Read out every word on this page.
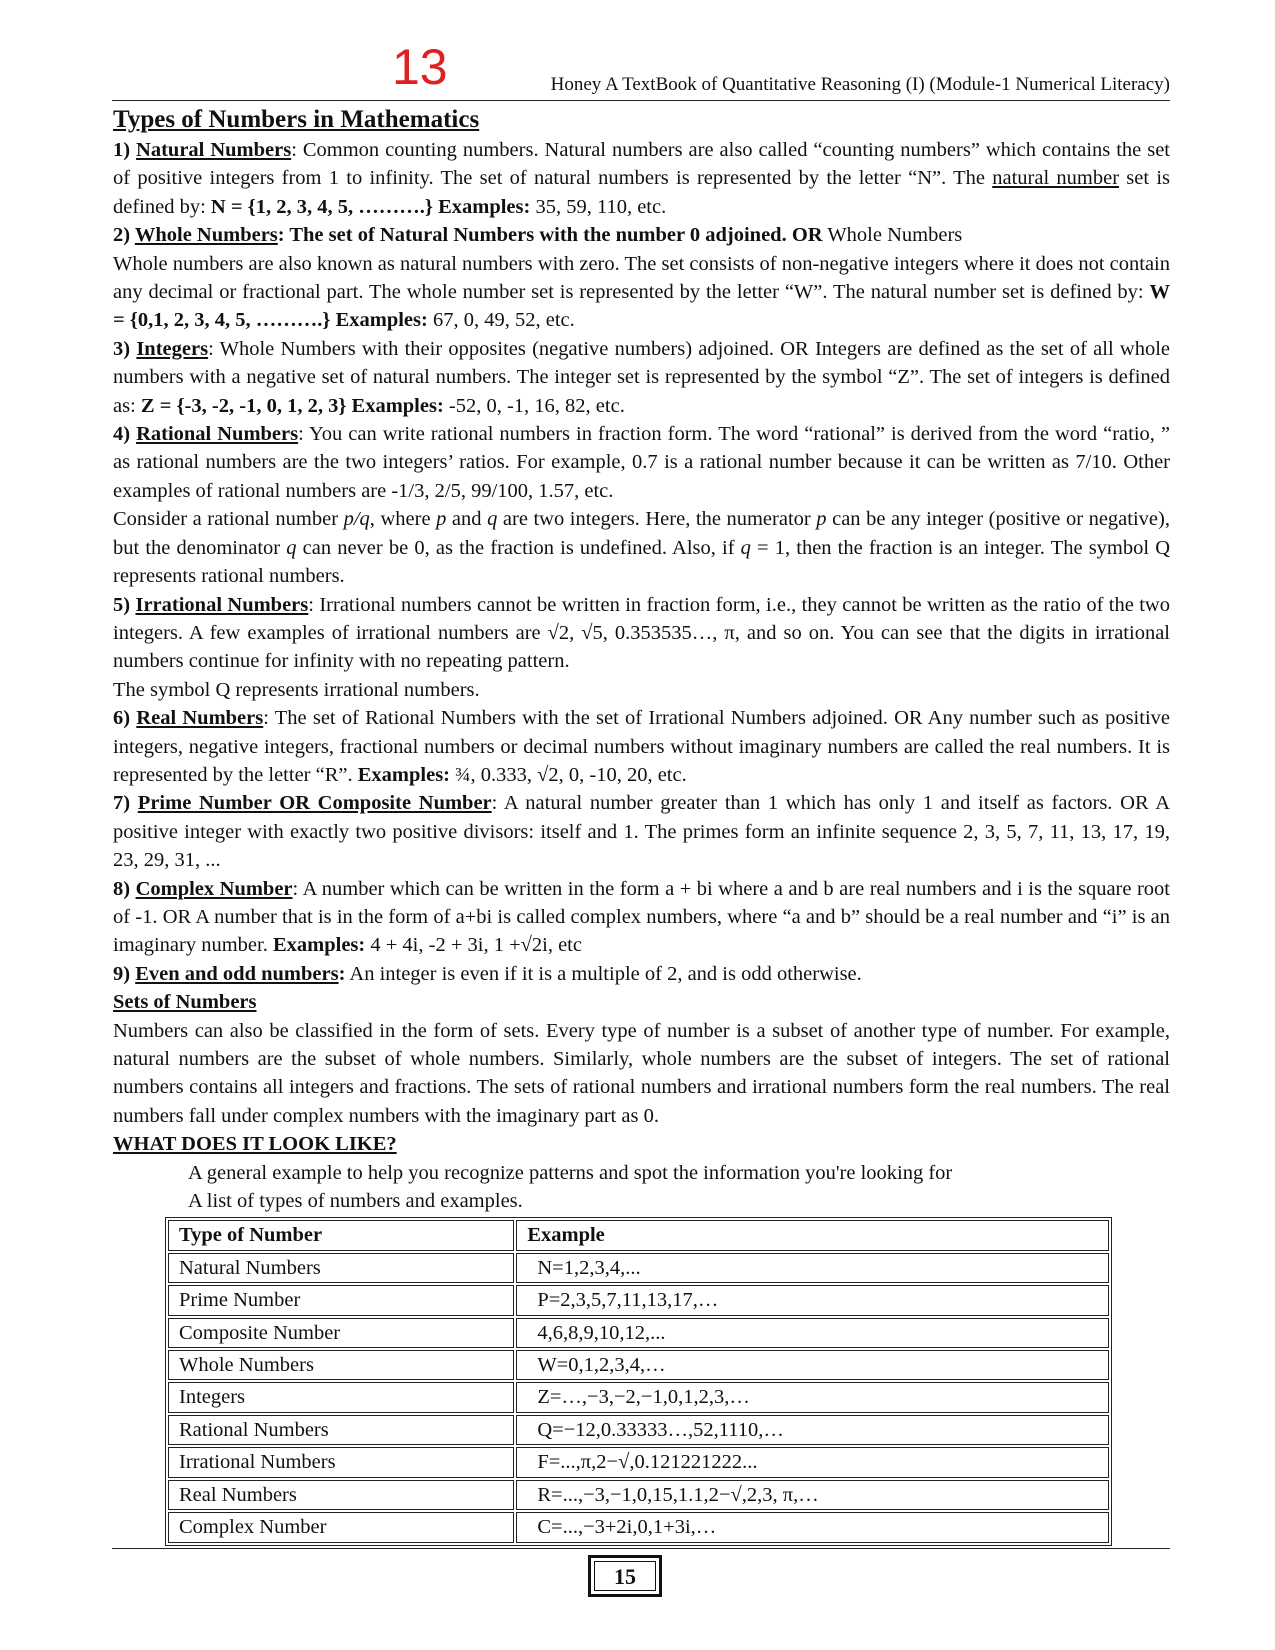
13	Honey A TextBook of Quantitative Reasoning (I) (Module-1 Numerical Literacy)

Types of Numbers in Mathematics

1) Natural Numbers: Common counting numbers. Natural numbers are also called “counting numbers” which contains the set of positive integers from 1 to infinity. The set of natural numbers is represented by the letter “N”. The natural number set is defined by: N = {1, 2, 3, 4, 5, ……….} Examples: 35, 59, 110, etc.

2) Whole Numbers: The set of Natural Numbers with the number 0 adjoined. OR Whole Numbers

Whole numbers are also known as natural numbers with zero. The set consists of non-negative integers where it does not contain any decimal or fractional part. The whole number set is represented by the letter “W”. The natural number set is defined by: W = {0,1, 2, 3, 4, 5, ……….} Examples: 67, 0, 49, 52, etc.

3) Integers: Whole Numbers with their opposites (negative numbers) adjoined. OR Integers are defined as the set of all whole numbers with a negative set of natural numbers. The integer set is represented by the symbol “Z”. The set of integers is defined as: Z = {-3, -2, -1, 0, 1, 2, 3} Examples: -52, 0, -1, 16, 82, etc.

4) Rational Numbers: You can write rational numbers in fraction form. The word “rational” is derived from the word “ratio, ” as rational numbers are the two integers’ ratios. For example, 0.7 is a rational number because it can be written as 7/10. Other examples of rational numbers are -1/3, 2/5, 99/100, 1.57, etc.

Consider a rational number p/q, where p and q are two integers. Here, the numerator p can be any integer (positive or negative), but the denominator q can never be 0, as the fraction is undefined. Also, if q = 1, then the fraction is an integer. The symbol Q represents rational numbers.

5) Irrational Numbers: Irrational numbers cannot be written in fraction form, i.e., they cannot be written as the ratio of the two integers. A few examples of irrational numbers are √2, √5, 0.353535…, π, and so on. You can see that the digits in irrational numbers continue for infinity with no repeating pattern.

The symbol Q represents irrational numbers.

6) Real Numbers: The set of Rational Numbers with the set of Irrational Numbers adjoined. OR Any number such as positive integers, negative integers, fractional numbers or decimal numbers without imaginary numbers are called the real numbers. It is represented by the letter “R”. Examples: ¾, 0.333, √2, 0, -10, 20, etc.

7) Prime Number OR Composite Number: A natural number greater than 1 which has only 1 and itself as factors. OR A positive integer with exactly two positive divisors: itself and 1. The primes form an infinite sequence 2, 3, 5, 7, 11, 13, 17, 19, 23, 29, 31, ...

8) Complex Number: A number which can be written in the form a + bi where a and b are real numbers and i is the square root of -1. OR A number that is in the form of a+bi is called complex numbers, where “a and b” should be a real number and “i” is an imaginary number. Examples: 4 + 4i, -2 + 3i, 1 +√2i, etc

9) Even and odd numbers: An integer is even if it is a multiple of 2, and is odd otherwise.

Sets of Numbers

Numbers can also be classified in the form of sets. Every type of number is a subset of another type of number. For example, natural numbers are the subset of whole numbers. Similarly, whole numbers are the subset of integers. The set of rational numbers contains all integers and fractions. The sets of rational numbers and irrational numbers form the real numbers. The real numbers fall under complex numbers with the imaginary part as 0.

WHAT DOES IT LOOK LIKE?

A general example to help you recognize patterns and spot the information you're looking for

A list of types of numbers and examples.

Type of Number	Example
Natural Numbers	N=1,2,3,4,...
Prime Number	P=2,3,5,7,11,13,17,…
Composite Number	4,6,8,9,10,12,...
Whole Numbers	W=0,1,2,3,4,…
Integers	Z=…,−3,−2,−1,0,1,2,3,…
Rational Numbers	Q=−12,0.33333…,52,1110,…
Irrational Numbers	F=...,π,2−√,0.121221222...
Real Numbers	R=...,−3,−1,0,15,1.1,2−√,2,3, π,…
Complex Number	C=...,−3+2i,0,1+3i,…
15
